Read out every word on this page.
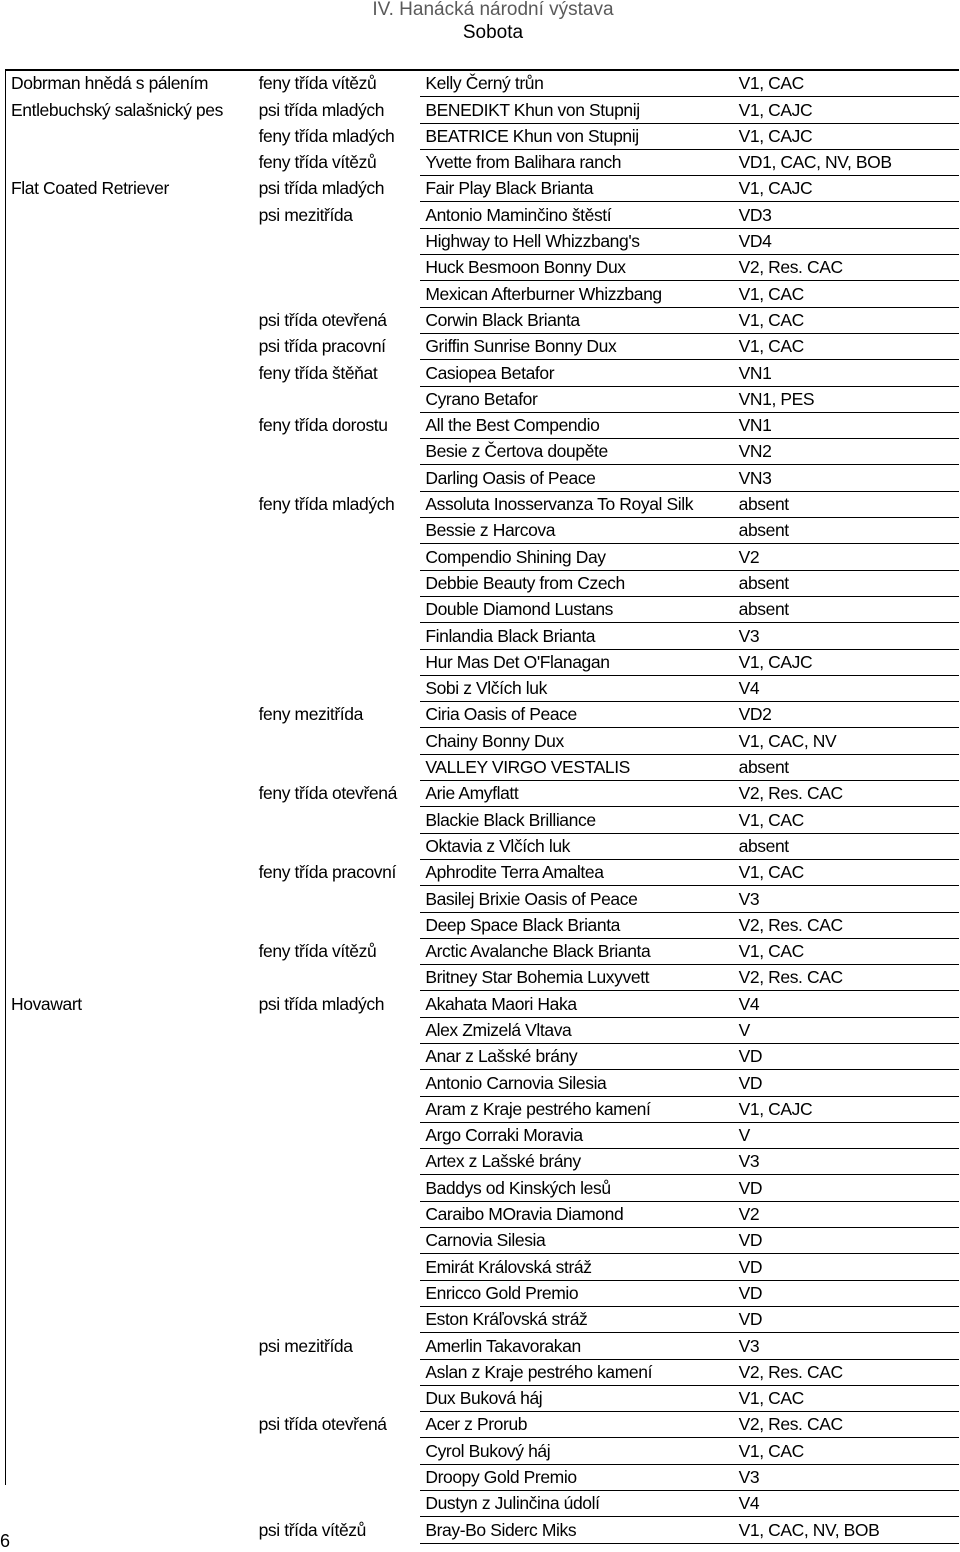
IV. Hanácká národní výstava
Sobota
Dobrman hnědá s pálením	feny třída vítězů	Kelly Černý trůn	V1, CAC
Entlebuchský salašnický pes	psi třída mladých	BENEDIKT Khun von Stupnij	V1, CAJC
	feny třída mladých	BEATRICE Khun von Stupnij	V1, CAJC
	feny třída vítězů	Yvette from Balihara ranch	VD1, CAC, NV, BOB
Flat Coated Retriever	psi třída mladých	Fair Play Black Brianta	V1, CAJC
	psi mezitřída	Antonio Maminčino štěstí	VD3
		Highway to Hell Whizzbang's	VD4
		Huck Besmoon Bonny Dux	V2, Res. CAC
		Mexican Afterburner Whizzbang	V1, CAC
	psi třída otevřená	Corwin Black Brianta	V1, CAC
	psi třída pracovní	Griffin Sunrise Bonny Dux	V1, CAC
	feny třída štěňat	Casiopea Betafor	VN1
		Cyrano Betafor	VN1, PES
	feny třída dorostu	All the Best Compendio	VN1
		Besie z Čertova doupěte	VN2
		Darling Oasis of Peace	VN3
	feny třída mladých	Assoluta Inosservanza To Royal Silk	absent
		Bessie z Harcova	absent
		Compendio Shining Day	V2
		Debbie Beauty from Czech	absent
		Double Diamond Lustans	absent
		Finlandia Black Brianta	V3
		Hur Mas Det O'Flanagan	V1, CAJC
		Sobi z Vlčích luk	V4
	feny mezitřída	Ciria Oasis of Peace	VD2
		Chainy Bonny Dux	V1, CAC, NV
		VALLEY VIRGO VESTALIS	absent
	feny třída otevřená	Arie Amyflatt	V2, Res. CAC
		Blackie Black Brilliance	V1, CAC
		Oktavia z Vlčích luk	absent
	feny třída pracovní	Aphrodite Terra Amaltea	V1, CAC
		Basilej Brixie Oasis of Peace	V3
		Deep Space Black Brianta	V2, Res. CAC
	feny třída vítězů	Arctic Avalanche Black Brianta	V1, CAC
		Britney Star Bohemia Luxyvett	V2, Res. CAC
Hovawart	psi třída mladých	Akahata Maori Haka	V4
		Alex Zmizelá Vltava	V
		Anar z Lašské brány	VD
		Antonio Carnovia Silesia	VD
		Aram z Kraje pestrého kamení	V1, CAJC
		Argo Corraki Moravia	V
		Artex z Lašské brány	V3
		Baddys od Kinských lesů	VD
		Caraibo MOravia Diamond	V2
		Carnovia Silesia	VD
		Emirát Královská stráž	VD
		Enricco Gold Premio	VD
		Eston Kráľovská stráž	VD
	psi mezitřída	Amerlin Takavorakan	V3
		Aslan z Kraje pestrého kamení	V2, Res. CAC
		Dux Buková háj	V1, CAC
	psi třída otevřená	Acer z Prorub	V2, Res. CAC
		Cyrol Bukový háj	V1, CAC
		Droopy Gold Premio	V3
		Dustyn z Julinčina údolí	V4
	psi třída vítězů	Bray-Bo Siderc Miks	V1, CAC, NV, BOB
6
